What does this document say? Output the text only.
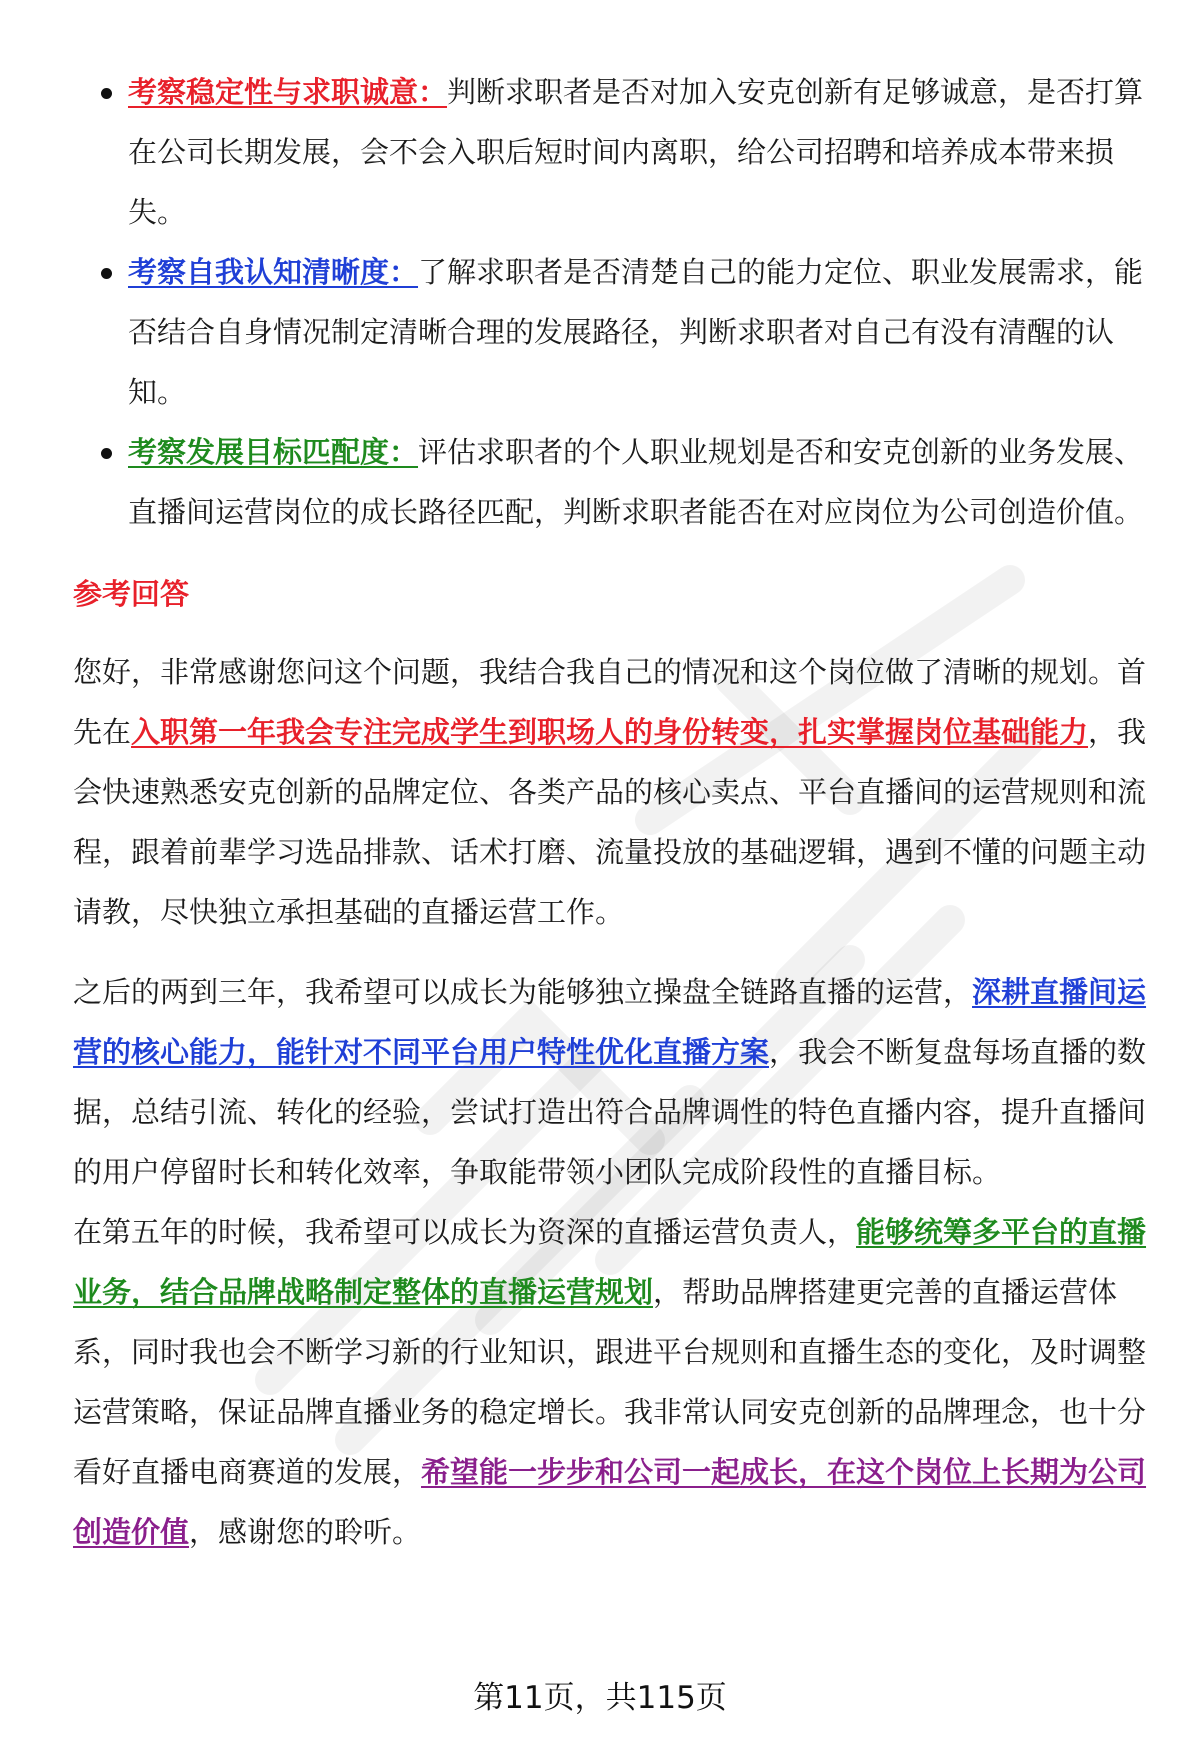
考察稳定性与求职诚意：判断求职者是否对加入安克创新有足够诚意，是否打算在公司长期发展，会不会入职后短时间内离职，给公司招聘和培养成本带来损失。
考察自我认知清晰度：了解求职者是否清楚自己的能力定位、职业发展需求，能否结合自身情况制定清晰合理的发展路径，判断求职者对自己有没有清醒的认知。
考察发展目标匹配度：评估求职者的个人职业规划是否和安克创新的业务发展、直播间运营岗位的成长路径匹配，判断求职者能否在对应岗位为公司创造价值。
参考回答

您好，非常感谢您问这个问题，我结合我自己的情况和这个岗位做了清晰的规划。首先在入职第一年我会专注完成学生到职场人的身份转变，扎实掌握岗位基础能力，我会快速熟悉安克创新的品牌定位、各类产品的核心卖点、平台直播间的运营规则和流程，跟着前辈学习选品排款、话术打磨、流量投放的基础逻辑，遇到不懂的问题主动请教，尽快独立承担基础的直播运营工作。

之后的两到三年，我希望可以成长为能够独立操盘全链路直播的运营，深耕直播间运营的核心能力，能针对不同平台用户特性优化直播方案，我会不断复盘每场直播的数据，总结引流、转化的经验，尝试打造出符合品牌调性的特色直播内容，提升直播间的用户停留时长和转化效率，争取能带领小团队完成阶段性的直播目标。

在第五年的时候，我希望可以成长为资深的直播运营负责人，能够统筹多平台的直播业务，结合品牌战略制定整体的直播运营规划，帮助品牌搭建更完善的直播运营体系，同时我也会不断学习新的行业知识，跟进平台规则和直播生态的变化，及时调整运营策略，保证品牌直播业务的稳定增长。我非常认同安克创新的品牌理念，也十分看好直播电商赛道的发展，希望能一步步和公司一起成长，在这个岗位上长期为公司创造价值，感谢您的聆听。

第11页，共115页
